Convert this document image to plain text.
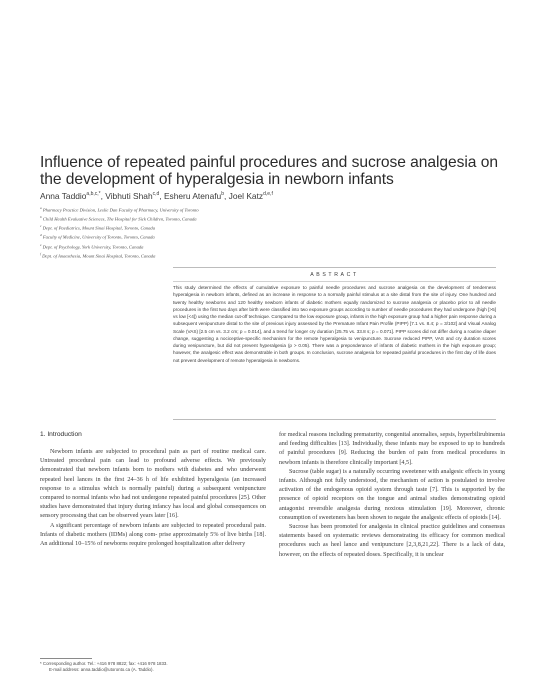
Influence of repeated painful procedures and sucrose analgesia on the development of hyperalgesia in newborn infants
Anna Taddio$^{a,b,c,*}$, Vibhuti Shah$^{c,d}$, Esheru Atenafu$^b$, Joel Katz$^{d,e,f}$
$^a$ Pharmacy Practice Division, Leslie Dan Faculty of Pharmacy, University of Toronto
$^b$ Child Health Evaluative Sciences, The Hospital for Sick Children, Toronto, Canada
$^c$ Dept. of Paediatrics, Mount Sinai Hospital, Toronto, Canada
$^d$ Faculty of Medicine, University of Toronto, Toronto, Canada
$^e$ Dept. of Psychology, York University, Toronto, Canada
$^f$ Dept. of Anaesthesia, Mount Sinai Hospital, Toronto, Canada
ABSTRACT
This study determined the effects of cumulative exposure to painful needle procedures and sucrose analgesia on the development of tenderness hyperalgesia in newborn infants, defined as an increase in response to a normally painful stimulus at a site distal from the site of injury. One hundred and twenty healthy newborns and 120 healthy newborn infants of diabetic mothers equally randomized to sucrose analgesia or placebo prior to all needle procedures in the first two days after birth were classified into two exposure groups according to number of needle procedures they had undergone (high [>5] vs low [<4]) using the median cut-off technique. Compared to the low exposure group, infants in the high exposure group had a higher pain response during a subsequent venipuncture distal to the site of previous injury assessed by the Premature Infant Pain Profile (PIPP) [7.1 vs. 8.4; p = 3/102] and Visual Analog Scale (VAS) [2.5 cm vs. 3.2 cm; p = 0.014], and a trend for longer cry duration [25.75 vs. 33.8 s; p = 0.071]. PIPP scores did not differ during a routine diaper change, suggesting a nociceptive-specific mechanism for the remote hyperalgesia to venipuncture. Sucrose reduced PIPP, VAS and cry duration scores during venipuncture, but did not prevent hyperalgesia (p > 0.05). There was a preponderance of infants of diabetic mothers in the high exposure group; however, the analgesic effect was demonstrable in both groups. In conclusion, sucrose analgesia for repeated painful procedures in the first day of life does not prevent development of remote hyperalgesia in newborns.
1. Introduction

Newborn infants are subjected to procedural pain as part of routine medical care. Untreated procedural pain can lead to profound adverse effects. We previously demonstrated that newborn infants born to mothers with diabetes and who underwent repeated heel lances in the first 24–36 h of life exhibited hyperalgesia (an increased response to a stimulus which is normally painful) during a subsequent venipuncture compared to normal infants who had not undergone repeated painful procedures [25]. Other studies have demonstrated that injury during infancy has local and global consequences on sensory processing that can be observed years later [16].

A significant percentage of newborn infants are subjected to repeated procedural pain. Infants of diabetic mothers (IDMs) along com- prise approximately 5% of live births [18]. An additional 10–15% of newborns require prolonged hospitalization after delivery

for medical reasons including prematurity, congenital anomalies, sepsis, hyperbilirubinemia and feeding difficulties [13]. Individually, these infants may be exposed to up to hundreds of painful procedures [9]. Reducing the burden of pain from medical procedures in newborn infants is therefore clinically important [4,5].

Sucrose (table sugar) is a naturally occurring sweetener with analgesic effects in young infants. Although not fully understood, the mechanism of action is postulated to involve activation of the endogenous opioid system through taste [7]. This is supported by the presence of opioid receptors on the tongue and animal studies demonstrating opioid antagonist reversible analgesia during noxious stimulation [19]. Moreover, chronic consumption of sweeteners has been shown to negate the analgesic effects of opioids [14].

Sucrose has been promoted for analgesia in clinical practice guidelines and consensus statements based on systematic reviews demonstrating its efficacy for common medical procedures such as heel lance and venipuncture [2,3,8,21,22]. There is a lack of data, however, on the effects of repeated doses. Specifically, it is unclear

* Corresponding author. Tel.: +416 978 8822; fax: +416 978 1833.
E-mail address: anna.taddio@utoronto.ca (A. Taddio).
